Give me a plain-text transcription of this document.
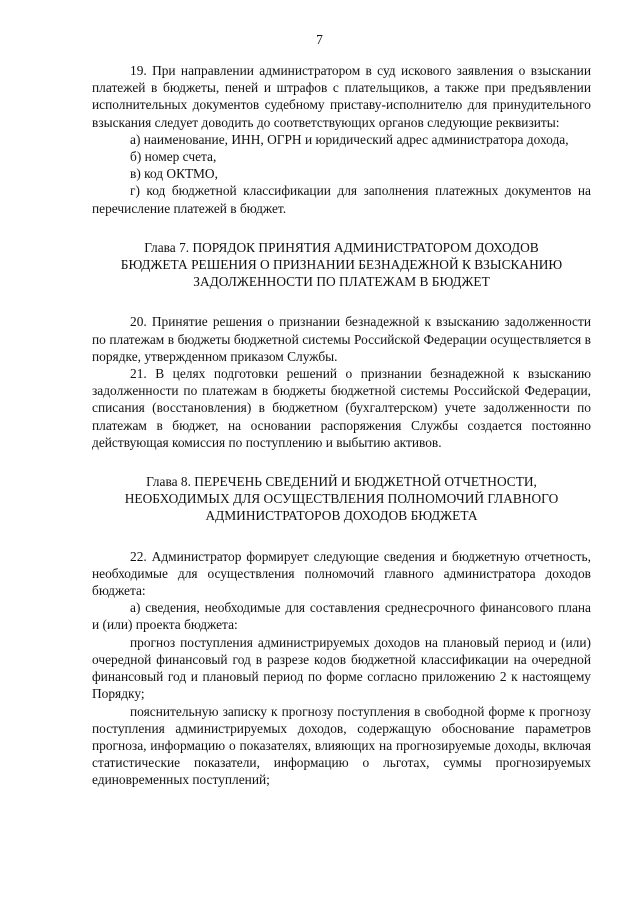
7

19. При направлении администратором в суд искового заявления о взыскании платежей в бюджеты, пеней и штрафов с плательщиков, а также при предъявлении исполнительных документов судебному приставу-исполнителю для принудительного взыскания следует доводить до соответствующих органов следующие реквизиты:

а) наименование, ИНН, ОГРН и юридический адрес администратора дохода,

б) номер счета,

в) код ОКТМО,

г) код бюджетной классификации для заполнения платежных документов на перечисление платежей в бюджет.

Глава 7. ПОРЯДОК ПРИНЯТИЯ АДМИНИСТРАТОРОМ ДОХОДОВ

БЮДЖЕТА РЕШЕНИЯ О ПРИЗНАНИИ БЕЗНАДЕЖНОЙ К ВЗЫСКАНИЮ

ЗАДОЛЖЕННОСТИ ПО ПЛАТЕЖАМ В БЮДЖЕТ

20. Принятие решения о признании безнадежной к взысканию задолженности по платежам в бюджеты бюджетной системы Российской Федерации осуществляется в порядке, утвержденном приказом Службы.

21. В целях подготовки решений о признании безнадежной к взысканию задолженности по платежам в бюджеты бюджетной системы Российской Федерации, списания (восстановления) в бюджетном (бухгалтерском) учете задолженности по платежам в бюджет, на основании распоряжения Службы создается постоянно действующая комиссия по поступлению и выбытию активов.

Глава 8. ПЕРЕЧЕНЬ СВЕДЕНИЙ И БЮДЖЕТНОЙ ОТЧЕТНОСТИ,

НЕОБХОДИМЫХ ДЛЯ ОСУЩЕСТВЛЕНИЯ ПОЛНОМОЧИЙ ГЛАВНОГО

АДМИНИСТРАТОРОВ ДОХОДОВ БЮДЖЕТА

22. Администратор формирует следующие сведения и бюджетную отчетность, необходимые для осуществления полномочий главного администратора доходов бюджета:

а) сведения, необходимые для составления среднесрочного финансового плана и (или) проекта бюджета:

прогноз поступления администрируемых доходов на плановый период и (или) очередной финансовый год в разрезе кодов бюджетной классификации на очередной финансовый год и плановый период по форме согласно приложению 2 к настоящему Порядку;

пояснительную записку к прогнозу поступления в свободной форме к прогнозу поступления администрируемых доходов, содержащую обоснование параметров прогноза, информацию о показателях, влияющих на прогнозируемые доходы, включая статистические показатели, информацию о льготах, суммы прогнозируемых единовременных поступлений;
